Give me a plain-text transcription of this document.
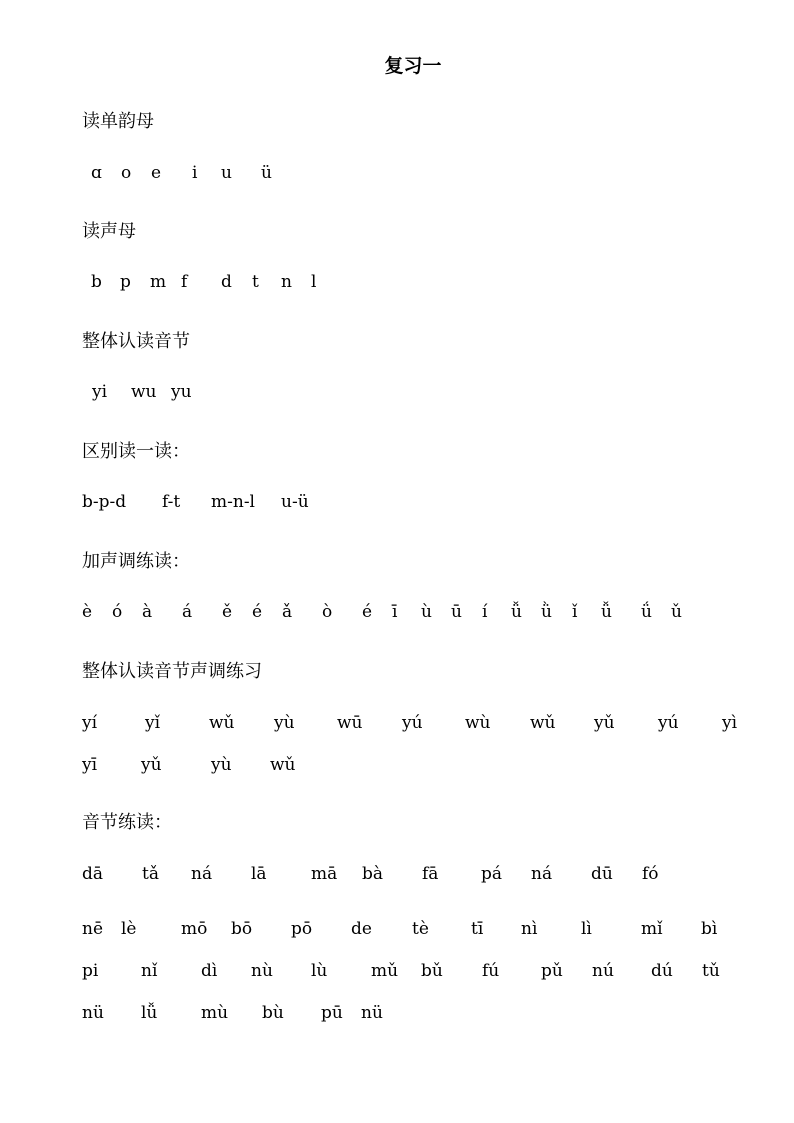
复习一
读单韵母
ɑ o e i u ü
读声母
b p m f d t n l
整体认读音节
yi wu yu
区别读一读：
b-p-d f-t m-n-l u-ü
加声调练读：
è ó à á ě é ǎ ò é ī ù ū í ǚ ǜ ǐ ǚ ǘ ǔ
整体认读音节声调练习
yí	yǐ	wǔ yù wū yú wù wǔ yǔ	yú	yì
yī	yǔ	yù wǔ
音节练读：
dā tǎ ná lā	mā bà fā	pá ná dū fó
nē lè	mō bō pō de tè tī nì	lì	mǐ bì
pi	nǐ	dì nù lù	mǔ bǔ fú pǔ nú dú tǔ
nü lǚ	mù bù pū nü
